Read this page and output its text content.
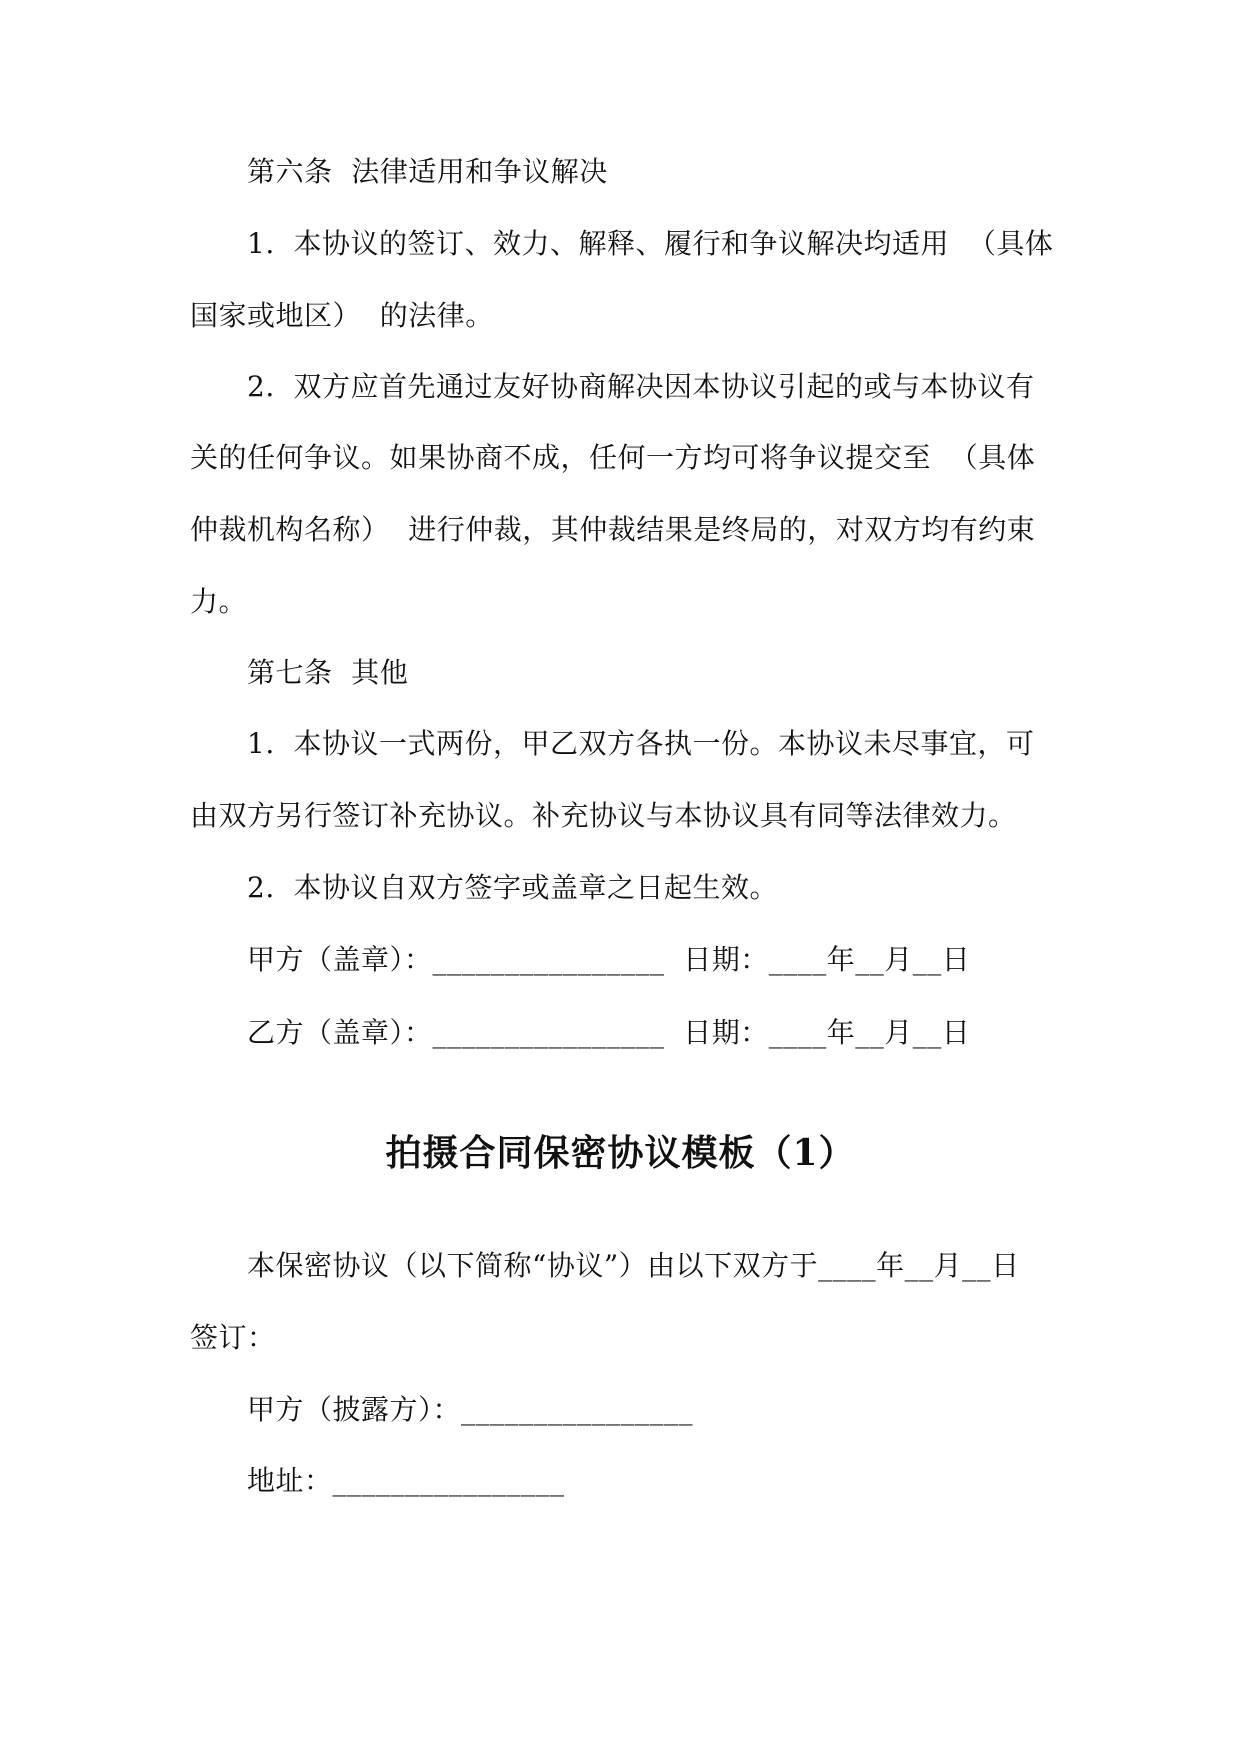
第六条  法律适用和争议解决
1.  本协议的签订、效力、解释、履行和争议解决均适用  （具体
国家或地区）  的法律。
2.  双方应首先通过友好协商解决因本协议引起的或与本协议有
关的任何争议。如果协商不成，任何一方均可将争议提交至  （具体
仲裁机构名称）  进行仲裁，其仲裁结果是终局的，对双方均有约束
力。
第七条  其他
1.  本协议一式两份，甲乙双方各执一份。本协议未尽事宜，可
由双方另行签订补充协议。补充协议与本协议具有同等法律效力。
2.  本协议自双方签字或盖章之日起生效。
甲方（盖章）：________________  日期：____年__月__日
乙方（盖章）：________________  日期：____年__月__日
拍摄合同保密协议模板（1）
本保密协议（以下简称“协议”）由以下双方于____年__月__日
签订：
甲方（披露方）：________________
地址：________________
